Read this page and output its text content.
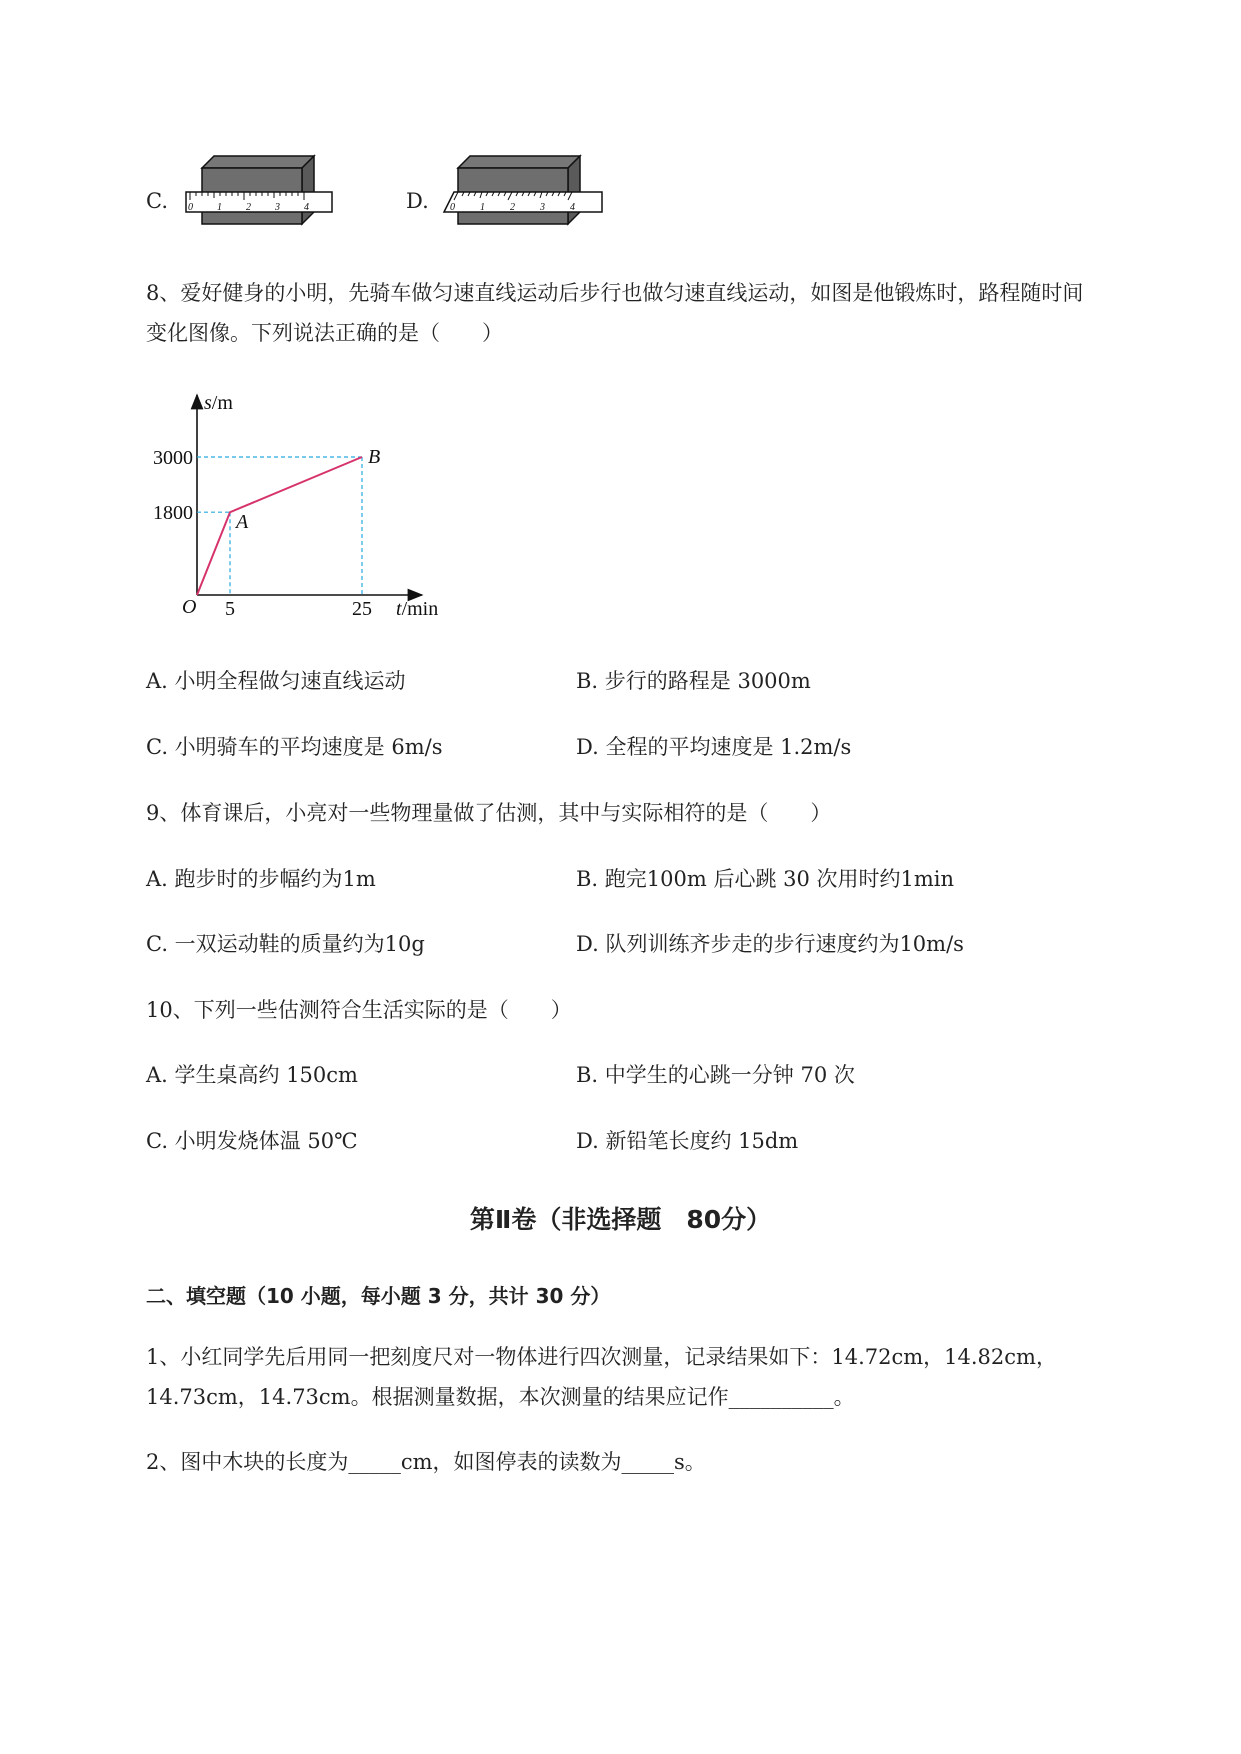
C. 0 1 2 3 4	D. 0	1	2	3	4
8、爱好健身的小明，先骑车做匀速直线运动后步行也做匀速直线运动，如图是他锻炼时，路程随时间
变化图像。下列说法正确的是（　　）
A
B
1800
3000
5	25
s/m
t/min
O
A. 小明全程做匀速直线运动	B. 步行的路程是 3000m
C. 小明骑车的平均速度是 6m/s	D. 全程的平均速度是 1.2m/s
9、体育课后，小亮对一些物理量做了估测，其中与实际相符的是（　　）
A. 跑步时的步幅约为1m	B. 跑完100m 后心跳 30 次用时约1min
C. 一双运动鞋的质量约为10g	D. 队列训练齐步走的步行速度约为10m/s
10、下列一些估测符合生活实际的是（　　）
A. 学生桌高约 150cm	B. 中学生的心跳一分钟 70 次
C. 小明发烧体温 50℃	D. 新铅笔长度约 15dm
第Ⅱ卷（非选择题　80分）
二、填空题（10 小题，每小题 3 分，共计 30 分）
1、小红同学先后用同一把刻度尺对一物体进行四次测量，记录结果如下：14.72cm，14.82cm，
14.73cm，14.73cm。根据测量数据，本次测量的结果应记作__________。
2、图中木块的长度为_____cm，如图停表的读数为_____s。
